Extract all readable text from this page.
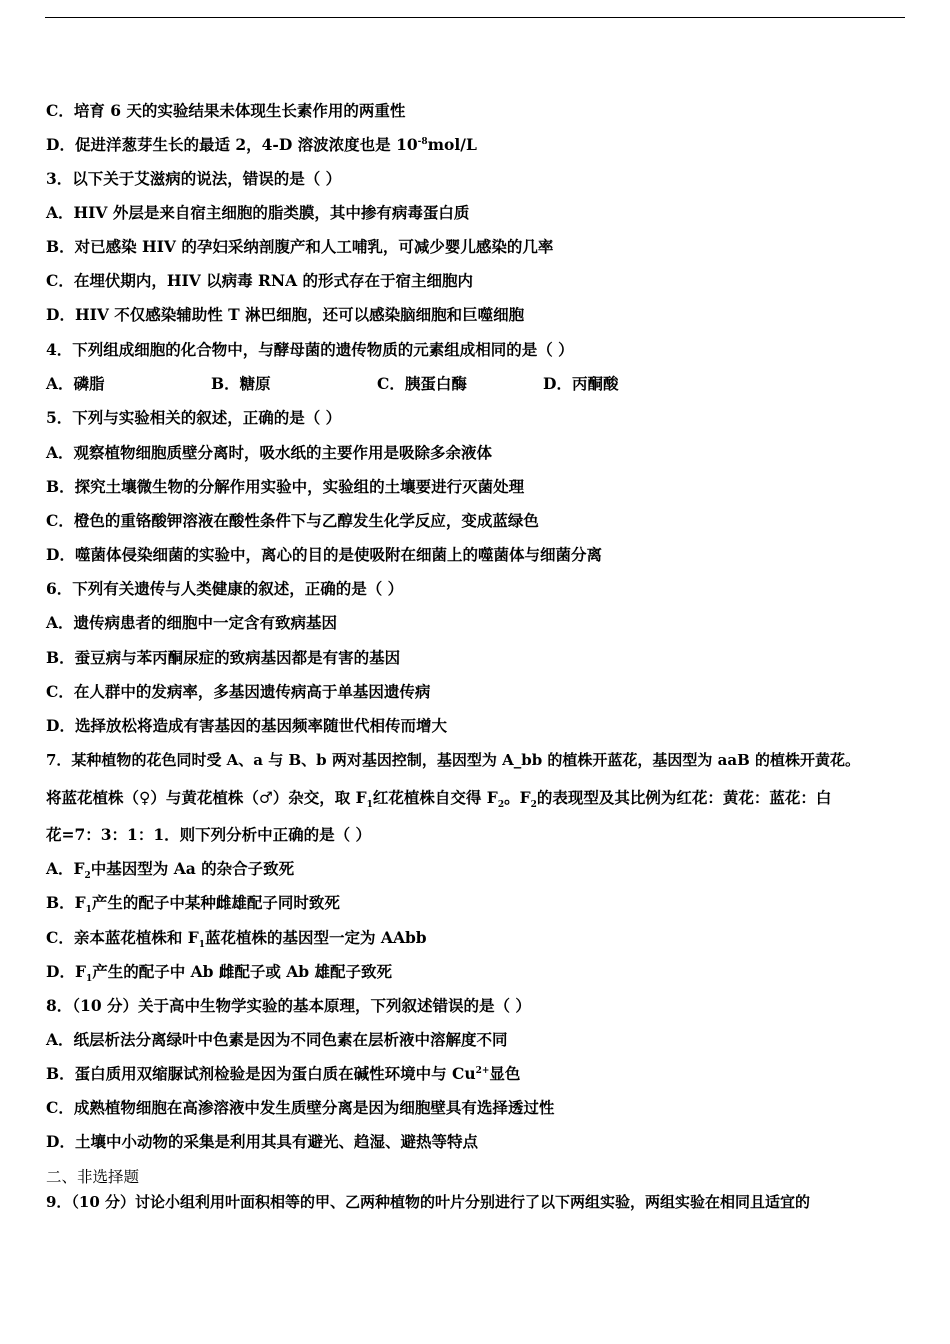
C．培育 6 天的实验结果未体现生长素作用的两重性
D．促进洋葱芽生长的最适 2，4-D 溶波浓度也是 $10^{-8}mol/L$
3．以下关于艾滋病的说法，错误的是（ ）
A．HIV 外层是来自宿主细胞的脂类膜，其中掺有病毒蛋白质
B．对已感染 HIV 的孕妇采纳剖腹产和人工哺乳，可减少婴儿感染的几率
C．在埋伏期内，HIV 以病毒 RNA 的形式存在于宿主细胞内
D．HIV 不仅感染辅助性 T 淋巴细胞，还可以感染脑细胞和巨噬细胞
4．下列组成细胞的化合物中，与酵母菌的遗传物质的元素组成相同的是（ ）
A．磷脂	B．糖原	C．胰蛋白酶	D．丙酮酸
5．下列与实验相关的叙述，正确的是（ ）
A．观察植物细胞质壁分离时，吸水纸的主要作用是吸除多余液体
B．探究土壤微生物的分解作用实验中，实验组的土壤要进行灭菌处理
C．橙色的重铬酸钾溶液在酸性条件下与乙醇发生化学反应，变成蓝绿色
D．噬菌体侵染细菌的实验中，离心的目的是使吸附在细菌上的噬菌体与细菌分离
6．下列有关遗传与人类健康的叙述，正确的是（ ）
A．遗传病患者的细胞中一定含有致病基因
B．蚕豆病与苯丙酮尿症的致病基因都是有害的基因
C．在人群中的发病率，多基因遗传病高于单基因遗传病
D．选择放松将造成有害基因的基因频率随世代相传而增大
7．某种植物的花色同时受 A、a 与 B、b 两对基因控制，基因型为 A_bb 的植株开蓝花，基因型为 aaB 的植株开黄花。
将蓝花植株（♀）与黄花植株（♂）杂交，取 $F_1$红花植株自交得 $F_2$。$F_2$的表现型及其比例为红花：黄花：蓝花：白
花=7：3：1：1．则下列分析中正确的是（ ）
A．$F_2$中基因型为 Aa 的杂合子致死
B．$F_1$产生的配子中某种雌雄配子同时致死
C．亲本蓝花植株和 $F_1$蓝花植株的基因型一定为 AAbb
D．$F_1$产生的配子中 Ab 雌配子或 Ab 雄配子致死
8．（10 分）关于高中生物学实验的基本原理，下列叙述错误的是（ ）
A．纸层析法分离绿叶中色素是因为不同色素在层析液中溶解度不同
B．蛋白质用双缩脲试剂检验是因为蛋白质在碱性环境中与 $Cu^{2+}$显色
C．成熟植物细胞在高渗溶液中发生质壁分离是因为细胞壁具有选择透过性
D．土壤中小动物的采集是利用其具有避光、趋湿、避热等特点
二、非选择题
9．（10 分）讨论小组利用叶面积相等的甲、乙两种植物的叶片分别进行了以下两组实验，两组实验在相同且适宜的
